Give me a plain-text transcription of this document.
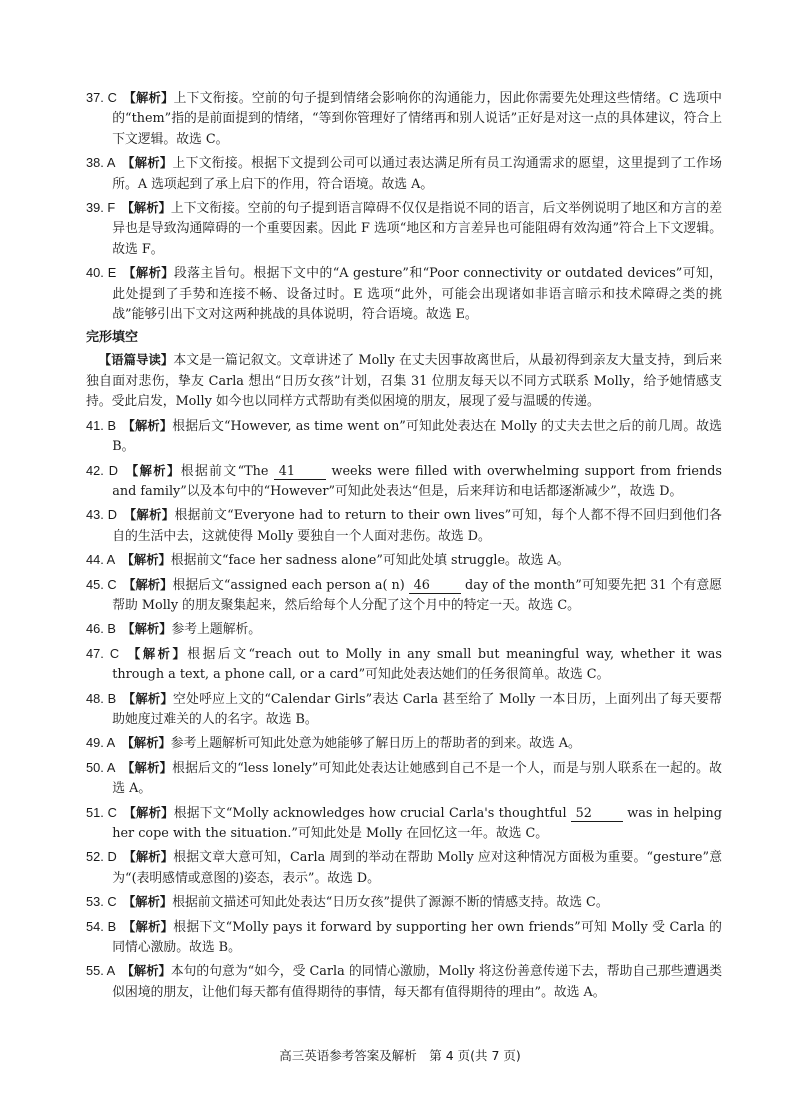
37. C  【解析】上下文衔接。空前的句子提到情绪会影响你的沟通能力，因此你需要先处理这些情绪。C 选项中的“them”指的是前面提到的情绪，“等到你管理好了情绪再和别人说话”正好是对这一点的具体建议，符合上下文逻辑。故选 C。

38. A  【解析】上下文衔接。根据下文提到公司可以通过表达满足所有员工沟通需求的愿望，这里提到了工作场所。A 选项起到了承上启下的作用，符合语境。故选 A。

39. F  【解析】上下文衔接。空前的句子提到语言障碍不仅仅是指说不同的语言，后文举例说明了地区和方言的差异也是导致沟通障碍的一个重要因素。因此 F 选项“地区和方言差异也可能阻碍有效沟通”符合上下文逻辑。故选 F。

40. E  【解析】段落主旨句。根据下文中的“A gesture”和“Poor connectivity or outdated devices”可知，此处提到了手势和连接不畅、设备过时。E 选项“此外，可能会出现诸如非语言暗示和技术障碍之类的挑战”能够引出下文对这两种挑战的具体说明，符合语境。故选 E。

完形填空

【语篇导读】本文是一篇记叙文。文章讲述了 Molly 在丈夫因事故离世后，从最初得到亲友大量支持，到后来独自面对悲伤，挚友 Carla 想出“日历女孩”计划，召集 31 位朋友每天以不同方式联系 Molly，给予她情感支持。受此启发，Molly 如今也以同样方式帮助有类似困境的朋友，展现了爱与温暖的传递。

41. B  【解析】根据后文“However, as time went on”可知此处表达在 Molly 的丈夫去世之后的前几周。故选 B。

42. D  【解析】根据前文“The 41 weeks were filled with overwhelming support from friends and family”以及本句中的“However”可知此处表达“但是，后来拜访和电话都逐渐减少”，故选 D。

43. D  【解析】根据前文“Everyone had to return to their own lives”可知，每个人都不得不回归到他们各自的生活中去，这就使得 Molly 要独自一个人面对悲伤。故选 D。

44. A  【解析】根据前文“face her sadness alone”可知此处填 struggle。故选 A。

45. C  【解析】根据后文“assigned each person a( n) 46 day of the month”可知要先把 31 个有意愿帮助 Molly 的朋友聚集起来，然后给每个人分配了这个月中的特定一天。故选 C。

46. B  【解析】参考上题解析。

47. C  【解析】根据后文“reach out to Molly in any small but meaningful way, whether it was through a text, a phone call, or a card”可知此处表达她们的任务很简单。故选 C。

48. B  【解析】空处呼应上文的“Calendar Girls”表达 Carla 甚至给了 Molly 一本日历，上面列出了每天要帮助她度过难关的人的名字。故选 B。

49. A  【解析】参考上题解析可知此处意为她能够了解日历上的帮助者的到来。故选 A。

50. A  【解析】根据后文的“less lonely”可知此处表达让她感到自己不是一个人，而是与别人联系在一起的。故选 A。

51. C  【解析】根据下文“Molly acknowledges how crucial Carla's thoughtful 52 was in helping her cope with the situation.”可知此处是 Molly 在回忆这一年。故选 C。

52. D  【解析】根据文章大意可知，Carla 周到的举动在帮助 Molly 应对这种情况方面极为重要。“gesture”意为“(表明感情或意图的)姿态，表示”。故选 D。

53. C  【解析】根据前文描述可知此处表达“日历女孩”提供了源源不断的情感支持。故选 C。

54. B  【解析】根据下文“Molly pays it forward by supporting her own friends”可知 Molly 受 Carla 的同情心激励。故选 B。

55. A  【解析】本句的句意为“如今，受 Carla 的同情心激励，Molly 将这份善意传递下去，帮助自己那些遭遇类似困境的朋友，让他们每天都有值得期待的事情，每天都有值得期待的理由”。故选 A。

高三英语参考答案及解析　第 4 页(共 7 页)
